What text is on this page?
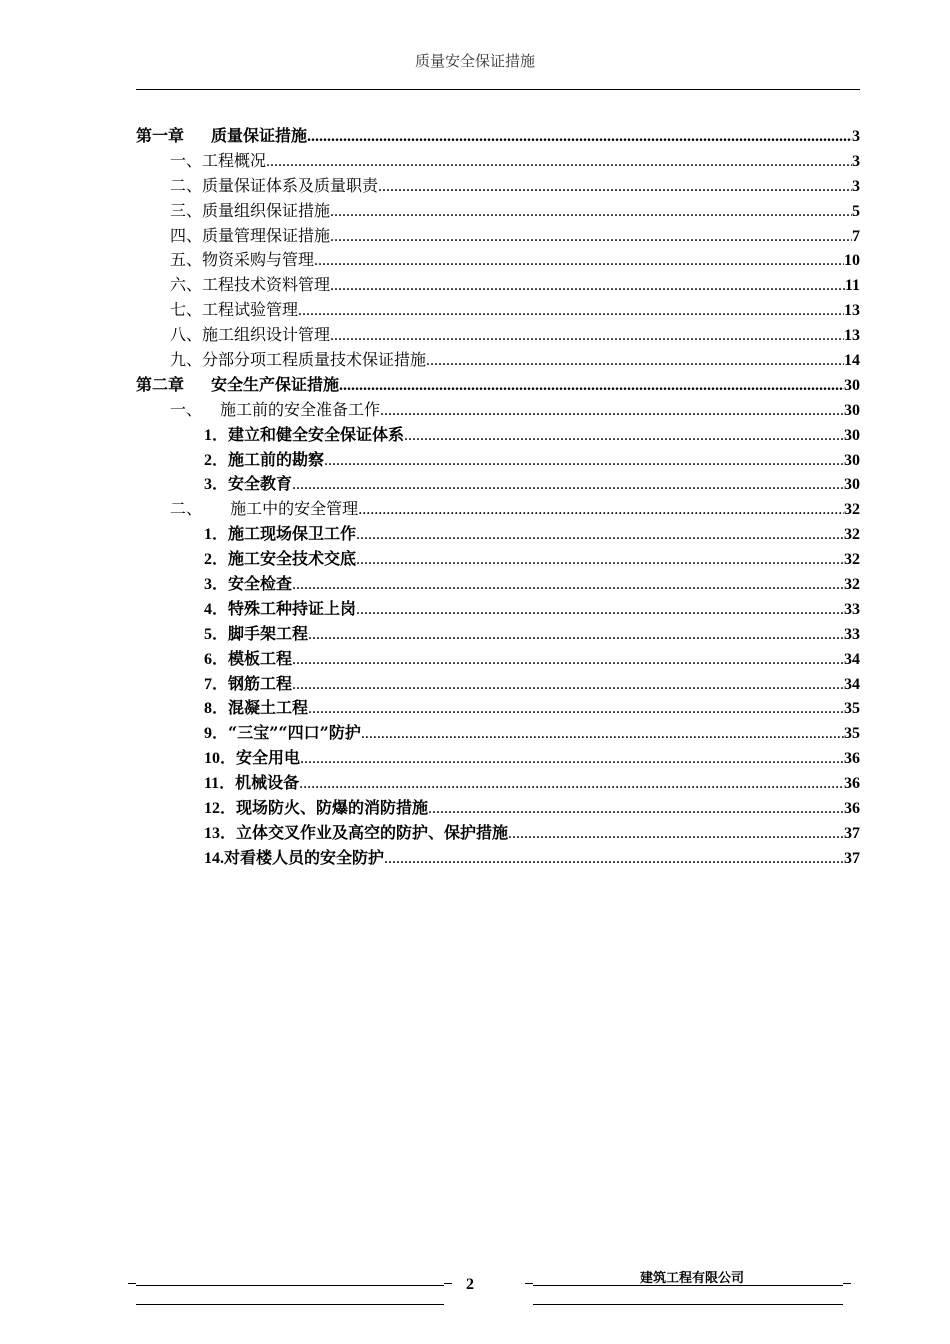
质量安全保证措施
第一章	质量保证措施 .....	3
一、工程概况 .....	3
二、质量保证体系及质量职责 .....	3
三、质量组织保证措施 .....	5
四、质量管理保证措施 .....	7
五、物资采购与管理 .....	10
六、工程技术资料管理 .....	11
七、工程试验管理 .....	13
八、施工组织设计管理 .....	13
九、分部分项工程质量技术保证措施 .....	14
第二章	安全生产保证措施 .....	30
一、	施工前的安全准备工作 .....	30
1． 建立和健全安全保证体系 .....	30
2． 施工前的勘察 .....	30
3． 安全教育 .....	30
二、	施工中的安全管理 .....	32
1． 施工现场保卫工作 .....	32
2． 施工安全技术交底 .....	32
3． 安全检查 .....	32
4． 特殊工种持证上岗 .....	33
5． 脚手架工程 .....	33
6． 模板工程 .....	34
7． 钢筋工程 .....	34
8． 混凝土工程 .....	35
9． “三宝”“四口”防护 .....	35
10． 安全用电 .....	36
11． 机械设备 .....	36
12． 现场防火、防爆的消防措施 .....	36
13． 立体交叉作业及高空的防护、保护措施 .....	37
14. 对看楼人员的安全防护 .....	37
2	建筑工程有限公司
